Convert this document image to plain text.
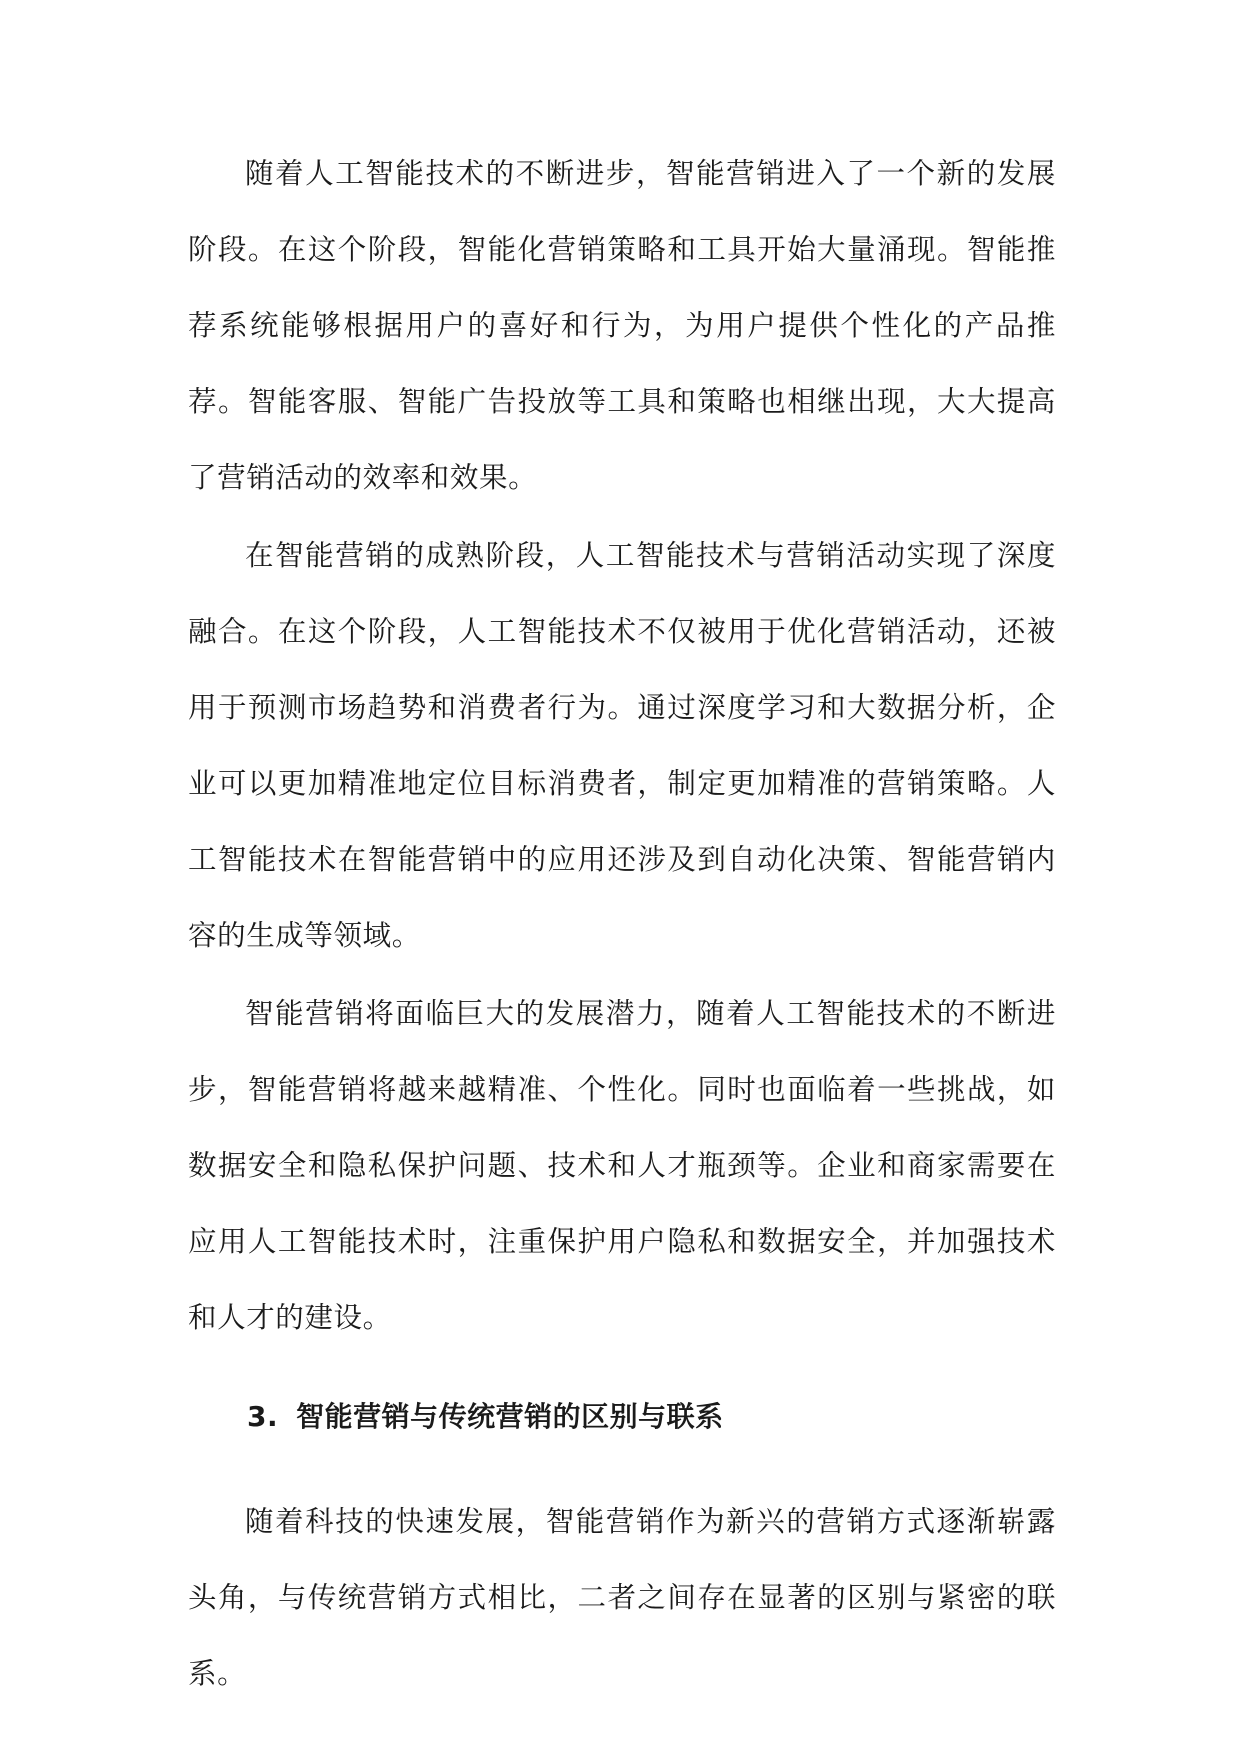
随着人工智能技术的不断进步，智能营销进入了一个新的发展阶段。在这个阶段，智能化营销策略和工具开始大量涌现。智能推荐系统能够根据用户的喜好和行为，为用户提供个性化的产品推荐。智能客服、智能广告投放等工具和策略也相继出现，大大提高了营销活动的效率和效果。

在智能营销的成熟阶段，人工智能技术与营销活动实现了深度融合。在这个阶段，人工智能技术不仅被用于优化营销活动，还被用于预测市场趋势和消费者行为。通过深度学习和大数据分析，企业可以更加精准地定位目标消费者，制定更加精准的营销策略。人工智能技术在智能营销中的应用还涉及到自动化决策、智能营销内容的生成等领域。

智能营销将面临巨大的发展潜力，随着人工智能技术的不断进步，智能营销将越来越精准、个性化。同时也面临着一些挑战，如数据安全和隐私保护问题、技术和人才瓶颈等。企业和商家需要在应用人工智能技术时，注重保护用户隐私和数据安全，并加强技术和人才的建设。

3. 智能营销与传统营销的区别与联系

随着科技的快速发展，智能营销作为新兴的营销方式逐渐崭露头角，与传统营销方式相比，二者之间存在显著的区别与紧密的联系。
